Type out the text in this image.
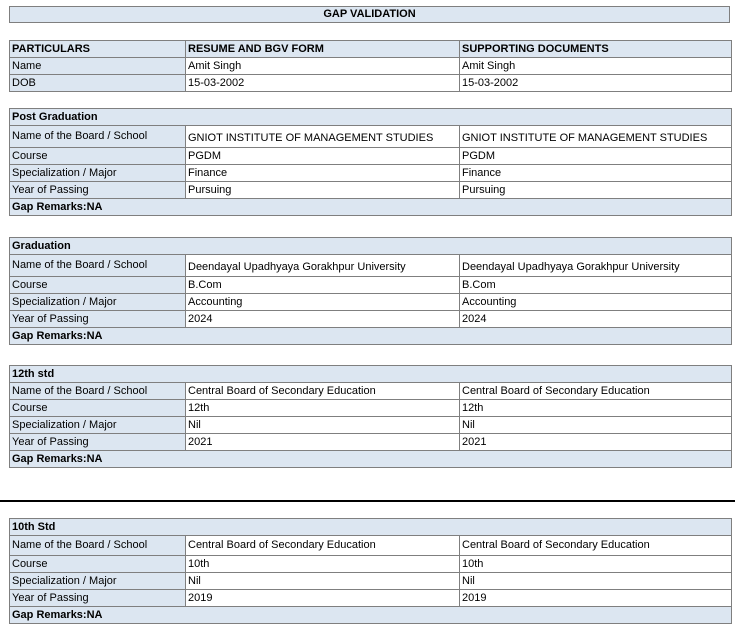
GAP VALIDATION
PARTICULARS	RESUME AND BGV FORM	SUPPORTING DOCUMENTS
Name	Amit Singh	Amit Singh
DOB	15-03-2002	15-03-2002
Post Graduation		
Name of the Board / School	GNIOT INSTITUTE OF MANAGEMENT STUDIES	GNIOT INSTITUTE OF MANAGEMENT STUDIES
Course	PGDM	PGDM
Specialization / Major	Finance	Finance
Year of Passing	Pursuing	Pursuing
Gap Remarks:NA		
Graduation		
Name of the Board / School	Deendayal Upadhyaya Gorakhpur University	Deendayal Upadhyaya Gorakhpur University
Course	B.Com	B.Com
Specialization / Major	Accounting	Accounting
Year of Passing	2024	2024
Gap Remarks:NA		
12th std		
Name of the Board / School	Central Board of Secondary Education	Central Board of Secondary Education
Course	12th	12th
Specialization / Major	Nil	Nil
Year of Passing	2021	2021
Gap Remarks:NA		
10th Std		
Name of the Board / School	Central Board of Secondary Education	Central Board of Secondary Education
Course	10th	10th
Specialization / Major	Nil	Nil
Year of Passing	2019	2019
Gap Remarks:NA		
